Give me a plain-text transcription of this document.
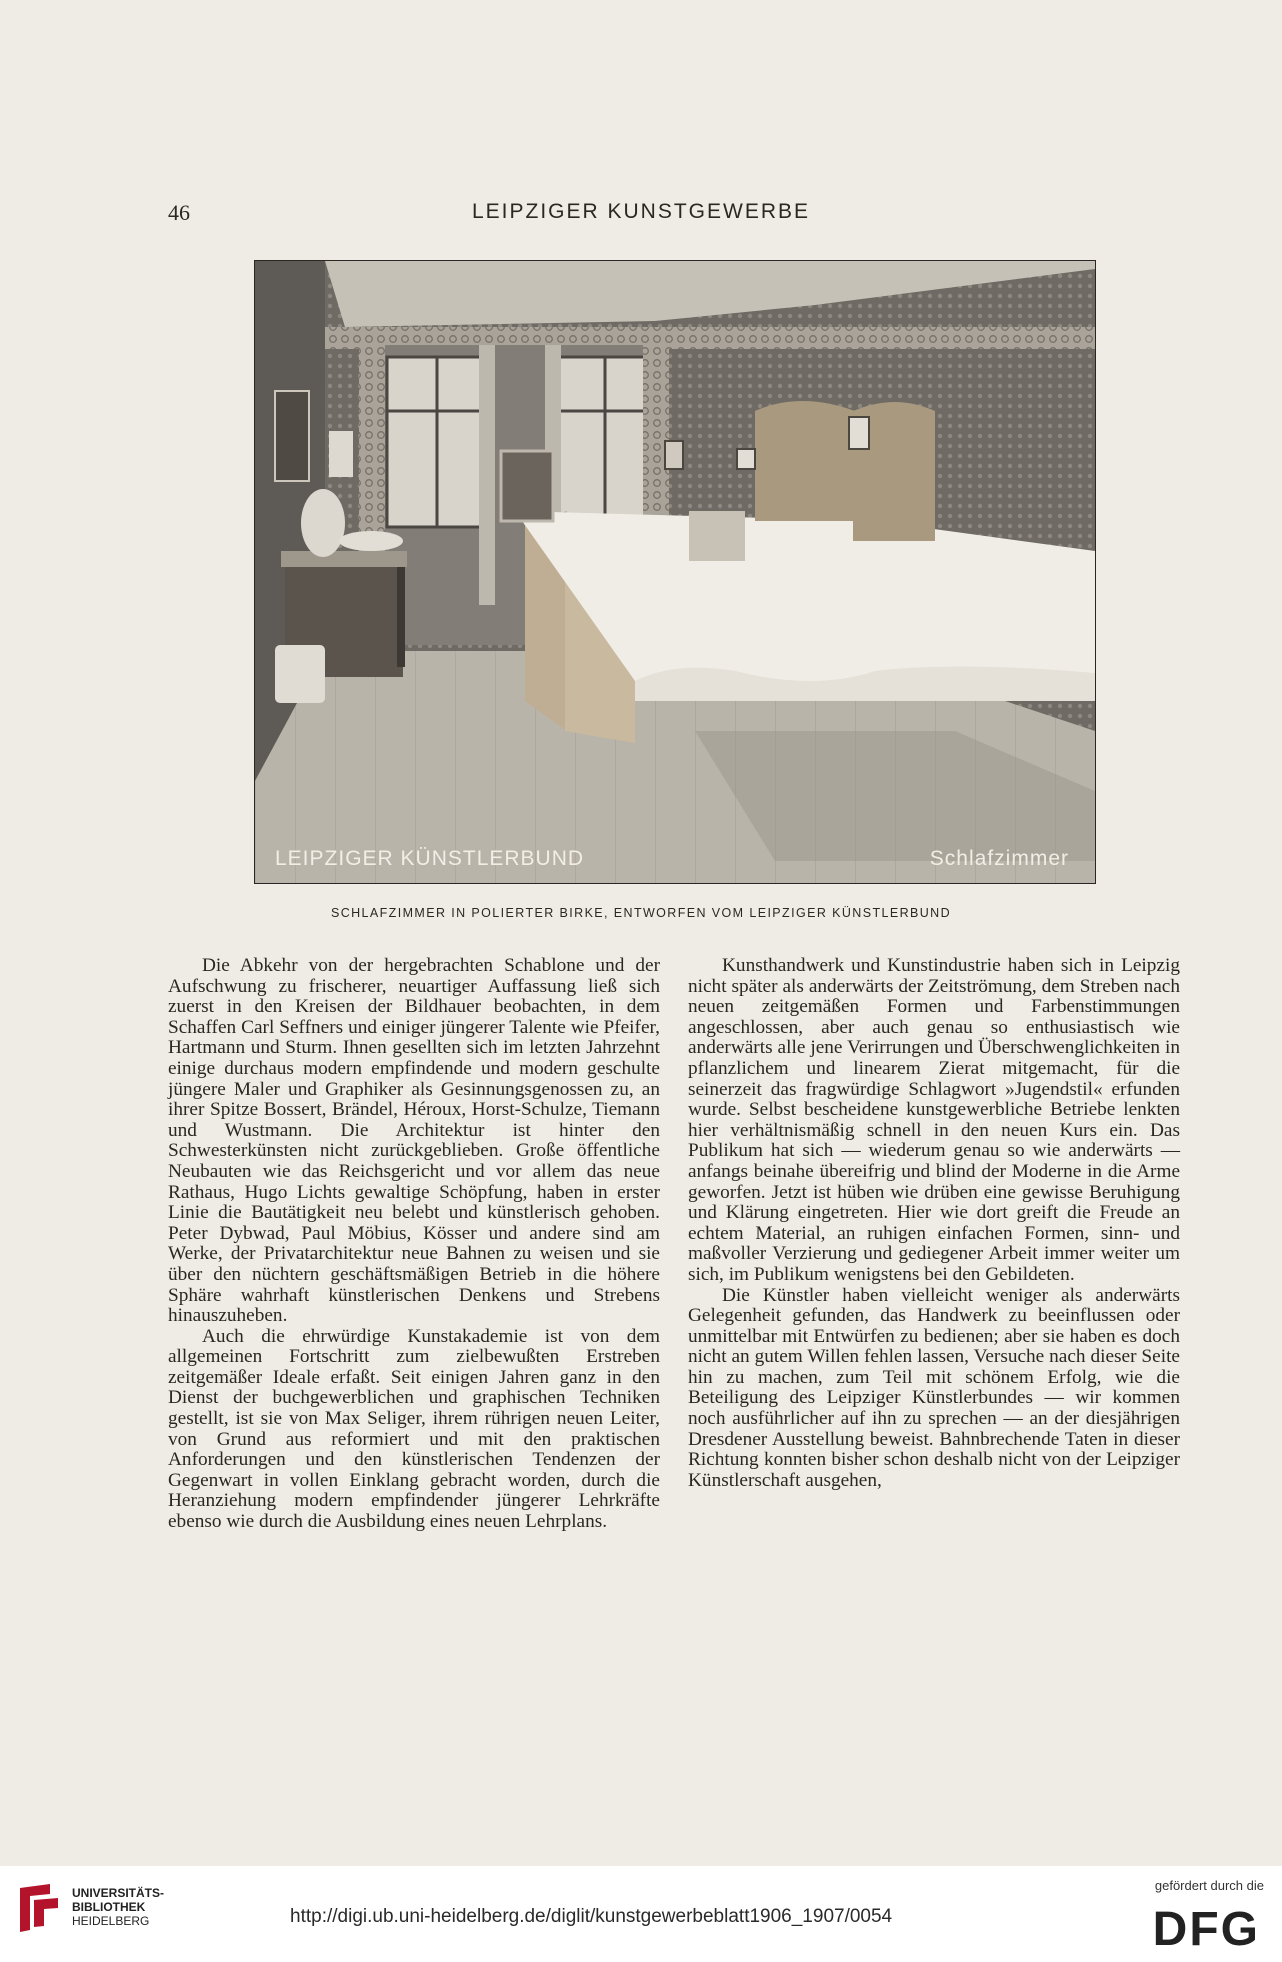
46	LEIPZIGER KUNSTGEWERBE
LEIPZIGER KÜNSTLERBUND	Schlafzimmer
SCHLAFZIMMER IN POLIERTER BIRKE, ENTWORFEN VOM LEIPZIGER KÜNSTLERBUND

Die Abkehr von der hergebrachten Schablone und der Aufschwung zu frischerer, neuartiger Auffassung ließ sich zuerst in den Kreisen der Bildhauer beobachten, in dem Schaffen Carl Seffners und einiger jüngerer Talente wie Pfeifer, Hartmann und Sturm. Ihnen gesellten sich im letzten Jahrzehnt einige durchaus modern empfindende und modern geschulte jüngere Maler und Graphiker als Gesinnungsgenossen zu, an ihrer Spitze Bossert, Brändel, Héroux, Horst-Schulze, Tiemann und Wustmann. Die Architektur ist hinter den Schwesterkünsten nicht zurückgeblieben. Große öffentliche Neubauten wie das Reichsgericht und vor allem das neue Rathaus, Hugo Lichts gewaltige Schöpfung, haben in erster Linie die Bautätigkeit neu belebt und künstlerisch gehoben. Peter Dybwad, Paul Möbius, Kösser und andere sind am Werke, der Privatarchitektur neue Bahnen zu weisen und sie über den nüchtern geschäftsmäßigen Betrieb in die höhere Sphäre wahrhaft künstlerischen Denkens und Strebens hinauszuheben.

Auch die ehrwürdige Kunstakademie ist von dem allgemeinen Fortschritt zum zielbewußten Erstreben zeitgemäßer Ideale erfaßt. Seit einigen Jahren ganz in den Dienst der buchgewerblichen und graphischen Techniken gestellt, ist sie von Max Seliger, ihrem rührigen neuen Leiter, von Grund aus reformiert und mit den praktischen Anforderungen und den künstlerischen Tendenzen der Gegenwart in vollen Einklang gebracht worden, durch die Heranziehung modern empfindender jüngerer Lehrkräfte ebenso wie durch die Ausbildung eines neuen Lehrplans.

Kunsthandwerk und Kunstindustrie haben sich in Leipzig nicht später als anderwärts der Zeitströmung, dem Streben nach neuen zeitgemäßen Formen und Farbenstimmungen angeschlossen, aber auch genau so enthusiastisch wie anderwärts alle jene Verirrungen und Überschwenglichkeiten in pflanzlichem und linearem Zierat mitgemacht, für die seinerzeit das fragwürdige Schlagwort »Jugendstil« erfunden wurde. Selbst bescheidene kunstgewerbliche Betriebe lenkten hier verhältnismäßig schnell in den neuen Kurs ein. Das Publikum hat sich — wiederum genau so wie anderwärts — anfangs beinahe übereifrig und blind der Moderne in die Arme geworfen. Jetzt ist hüben wie drüben eine gewisse Beruhigung und Klärung eingetreten. Hier wie dort greift die Freude an echtem Material, an ruhigen einfachen Formen, sinn- und maßvoller Verzierung und gediegener Arbeit immer weiter um sich, im Publikum wenigstens bei den Gebildeten.

Die Künstler haben vielleicht weniger als anderwärts Gelegenheit gefunden, das Handwerk zu beeinflussen oder unmittelbar mit Entwürfen zu bedienen; aber sie haben es doch nicht an gutem Willen fehlen lassen, Versuche nach dieser Seite hin zu machen, zum Teil mit schönem Erfolg, wie die Beteiligung des Leipziger Künstlerbundes — wir kommen noch ausführlicher auf ihn zu sprechen — an der diesjährigen Dresdener Ausstellung beweist. Bahnbrechende Taten in dieser Richtung konnten bisher schon deshalb nicht von der Leipziger Künstlerschaft ausgehen,

UNIVERSITÄTS-
BIBLIOTHEK
HEIDELBERG	http://digi.ub.uni-heidelberg.de/diglit/kunstgewerbeblatt1906_1907/0054
gefördert durch die
DFG
